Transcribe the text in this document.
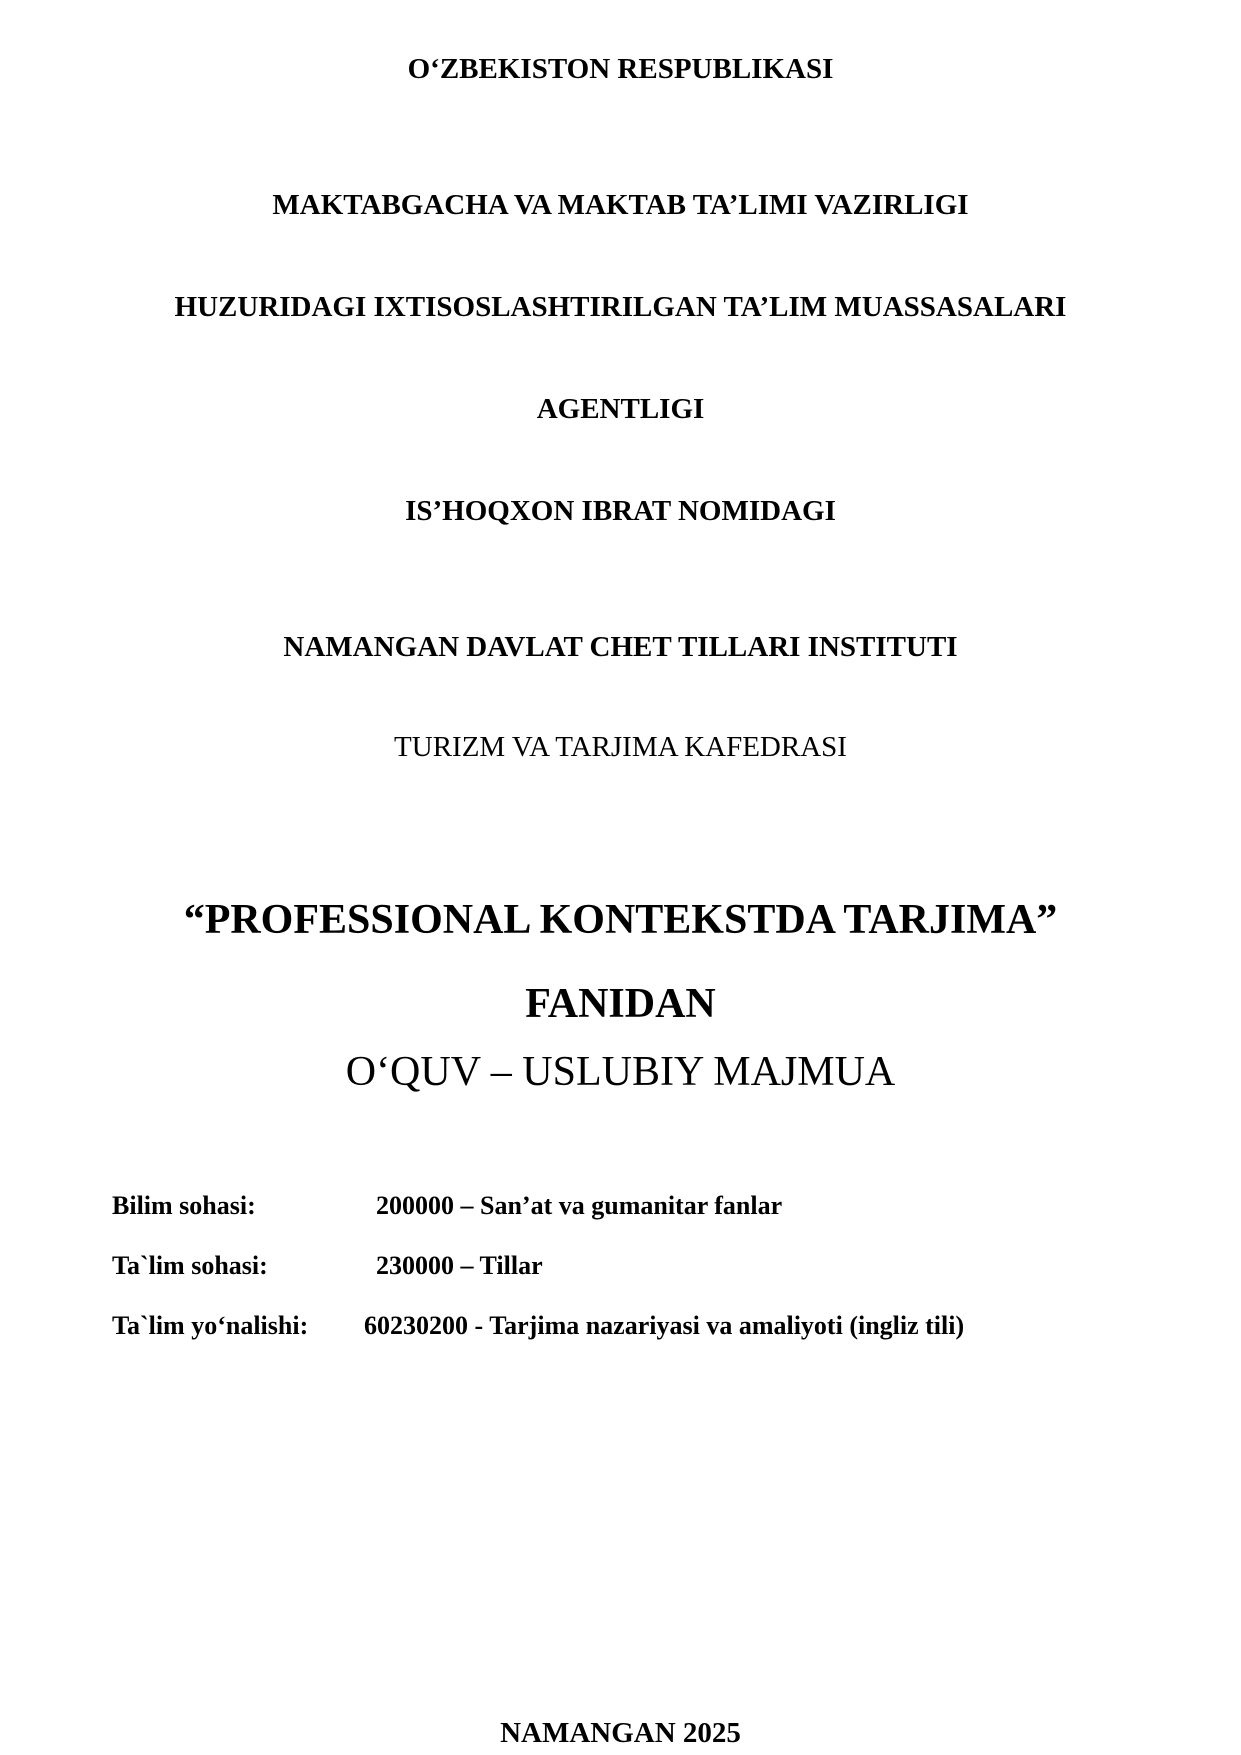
O‘ZBEKISTON RESPUBLIKASI

MAKTABGACHA VA MAKTAB TA’LIMI VAZIRLIGI

HUZURIDAGI IXTISOSLASHTIRILGAN TA’LIM MUASSASALARI

AGENTLIGI

IS’HOQXON IBRAT NOMIDAGI

NAMANGAN DAVLAT CHET TILLARI INSTITUTI
TURIZM VA TARJIMA KAFEDRASI
“PROFESSIONAL KONTEKSTDA TARJIMA”
FANIDAN
O‘QUV – USLUBIY MAJMUA
Bilim sohasi:	200000 – San’at va gumanitar fanlar
Ta`lim sohasi:	230000 – Tillar
Ta`lim yo‘nalishi: 60230200 - Tarjima nazariyasi va amaliyoti (ingliz tili)
NAMANGAN 2025
